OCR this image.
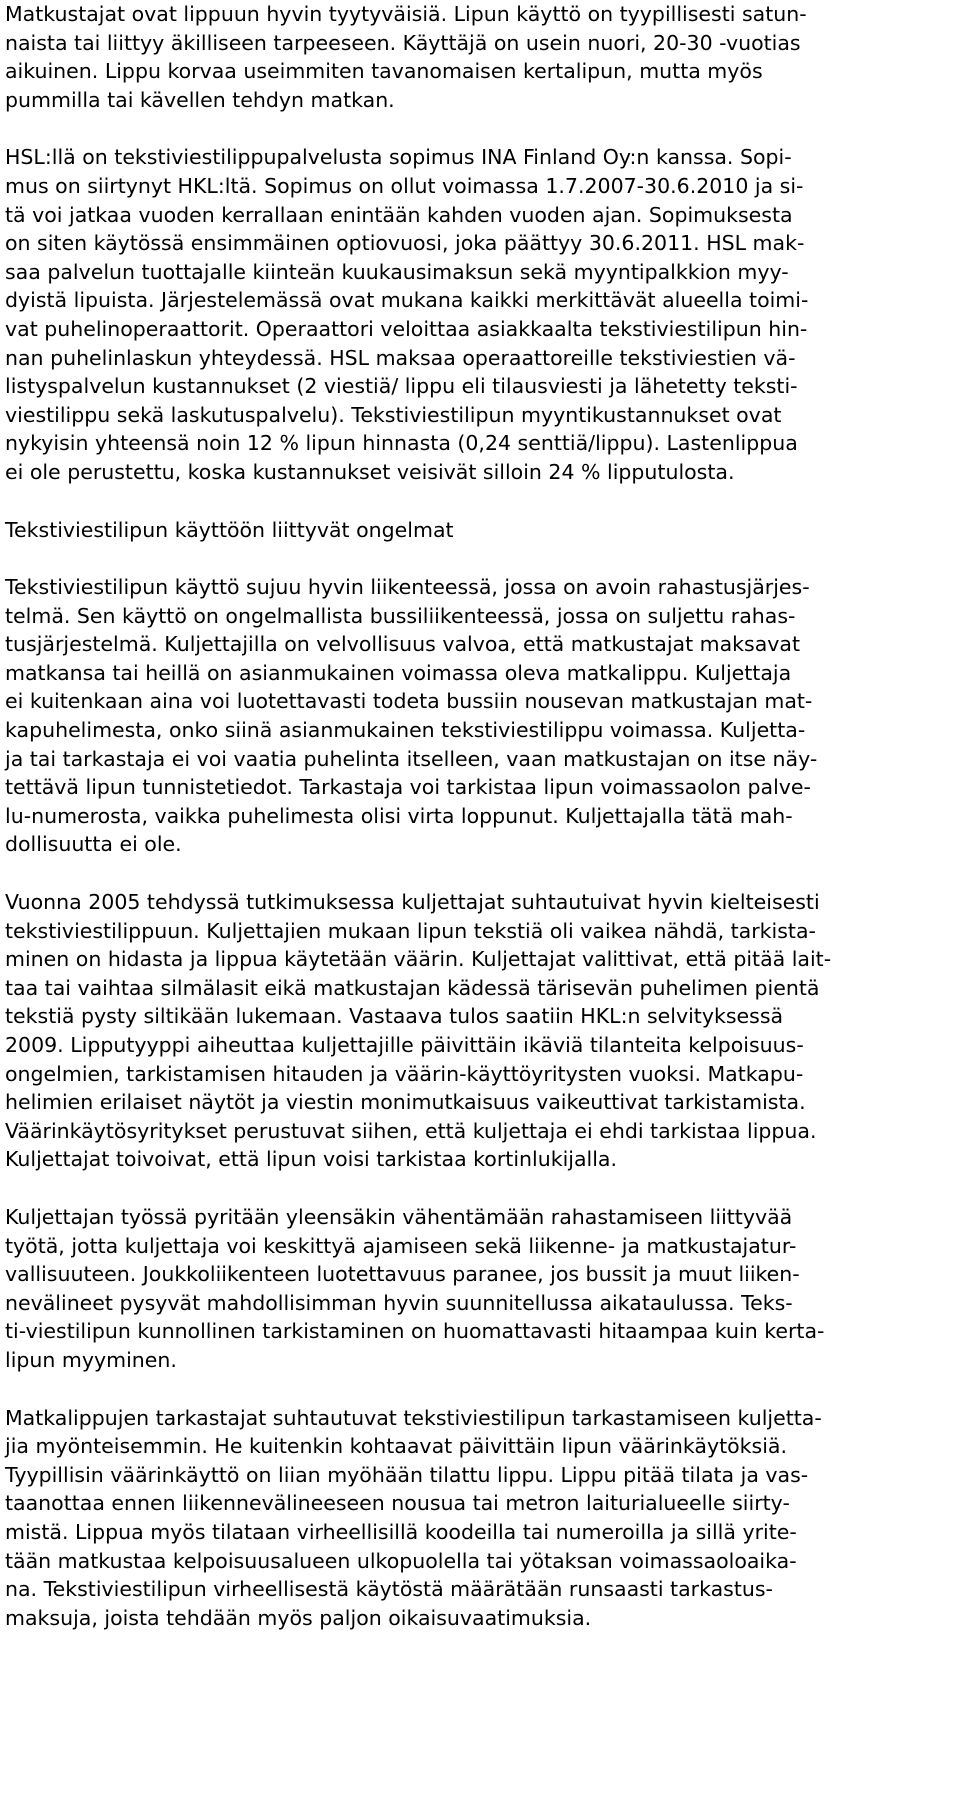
Matkustajat ovat lippuun hyvin tyytyväisiä. Lipun käyttö on tyypillisesti satun-
naista tai liittyy äkilliseen tarpeeseen. Käyttäjä on usein nuori, 20-30 -vuotias
aikuinen. Lippu korvaa useimmiten tavanomaisen kertalipun, mutta myös
pummilla tai kävellen tehdyn matkan.
HSL:llä on tekstiviestilippupalvelusta sopimus INA Finland Oy:n kanssa. Sopi-
mus on siirtynyt HKL:ltä. Sopimus on ollut voimassa 1.7.2007-30.6.2010 ja si-
tä voi jatkaa vuoden kerrallaan enintään kahden vuoden ajan. Sopimuksesta
on siten käytössä ensimmäinen optiovuosi, joka päättyy 30.6.2011. HSL mak-
saa palvelun tuottajalle kiinteän kuukausimaksun sekä myyntipalkkion myy-
dyistä lipuista. Järjestelemässä ovat mukana kaikki merkittävät alueella toimi-
vat puhelinoperaattorit. Operaattori veloittaa asiakkaalta tekstiviestilipun hin-
nan puhelinlaskun yhteydessä. HSL maksaa operaattoreille tekstiviestien vä-
listyspalvelun kustannukset (2 viestiä/ lippu eli tilausviesti ja lähetetty teksti-
viestilippu sekä laskutuspalvelu). Tekstiviestilipun myyntikustannukset ovat
nykyisin yhteensä noin 12 % lipun hinnasta (0,24 senttiä/lippu). Lastenlippua
ei ole perustettu, koska kustannukset veisivät silloin 24 % lipputulosta.
Tekstiviestilipun käyttöön liittyvät ongelmat
Tekstiviestilipun käyttö sujuu hyvin liikenteessä, jossa on avoin rahastusjärjes-
telmä. Sen käyttö on ongelmallista bussiliikenteessä, jossa on suljettu rahas-
tusjärjestelmä. Kuljettajilla on velvollisuus valvoa, että matkustajat maksavat
matkansa tai heillä on asianmukainen voimassa oleva matkalippu. Kuljettaja
ei kuitenkaan aina voi luotettavasti todeta bussiin nousevan matkustajan mat-
kapuhelimesta, onko siinä asianmukainen tekstiviestilippu voimassa. Kuljetta-
ja tai tarkastaja ei voi vaatia puhelinta itselleen, vaan matkustajan on itse näy-
tettävä lipun tunnistetiedot. Tarkastaja voi tarkistaa lipun voimassaolon palve-
lu-numerosta, vaikka puhelimesta olisi virta loppunut. Kuljettajalla tätä mah-
dollisuutta ei ole.
Vuonna 2005 tehdyssä tutkimuksessa kuljettajat suhtautuivat hyvin kielteisesti
tekstiviestilippuun. Kuljettajien mukaan lipun tekstiä oli vaikea nähdä, tarkista-
minen on hidasta ja lippua käytetään väärin. Kuljettajat valittivat, että pitää lait-
taa tai vaihtaa silmälasit eikä matkustajan kädessä tärisevän puhelimen pientä
tekstiä pysty siltikään lukemaan. Vastaava tulos saatiin HKL:n selvityksessä
2009. Lipputyyppi aiheuttaa kuljettajille päivittäin ikäviä tilanteita kelpoisuus-
ongelmien, tarkistamisen hitauden ja väärin-käyttöyritysten vuoksi. Matkapu-
helimien erilaiset näytöt ja viestin monimutkaisuus vaikeuttivat tarkistamista.
Väärinkäytösyritykset perustuvat siihen, että kuljettaja ei ehdi tarkistaa lippua.
Kuljettajat toivoivat, että lipun voisi tarkistaa kortinlukijalla.
Kuljettajan työssä pyritään yleensäkin vähentämään rahastamiseen liittyvää
työtä, jotta kuljettaja voi keskittyä ajamiseen sekä liikenne- ja matkustajatur-
vallisuuteen. Joukkoliikenteen luotettavuus paranee, jos bussit ja muut liiken-
nevälineet pysyvät mahdollisimman hyvin suunnitellussa aikataulussa. Teks-
ti-viestilipun kunnollinen tarkistaminen on huomattavasti hitaampaa kuin kerta-
lipun myyminen.
Matkalippujen tarkastajat suhtautuvat tekstiviestilipun tarkastamiseen kuljetta-
jia myönteisemmin. He kuitenkin kohtaavat päivittäin lipun väärinkäytöksiä.
Tyypillisin väärinkäyttö on liian myöhään tilattu lippu. Lippu pitää tilata ja vas-
taanottaa ennen liikennevälineeseen nousua tai metron laiturialueelle siirty-
mistä. Lippua myös tilataan virheellisillä koodeilla tai numeroilla ja sillä yrite-
tään matkustaa kelpoisuusalueen ulkopuolella tai yötaksan voimassaoloaika-
na. Tekstiviestilipun virheellisestä käytöstä määrätään runsaasti tarkastus-
maksuja, joista tehdään myös paljon oikaisuvaatimuksia.
